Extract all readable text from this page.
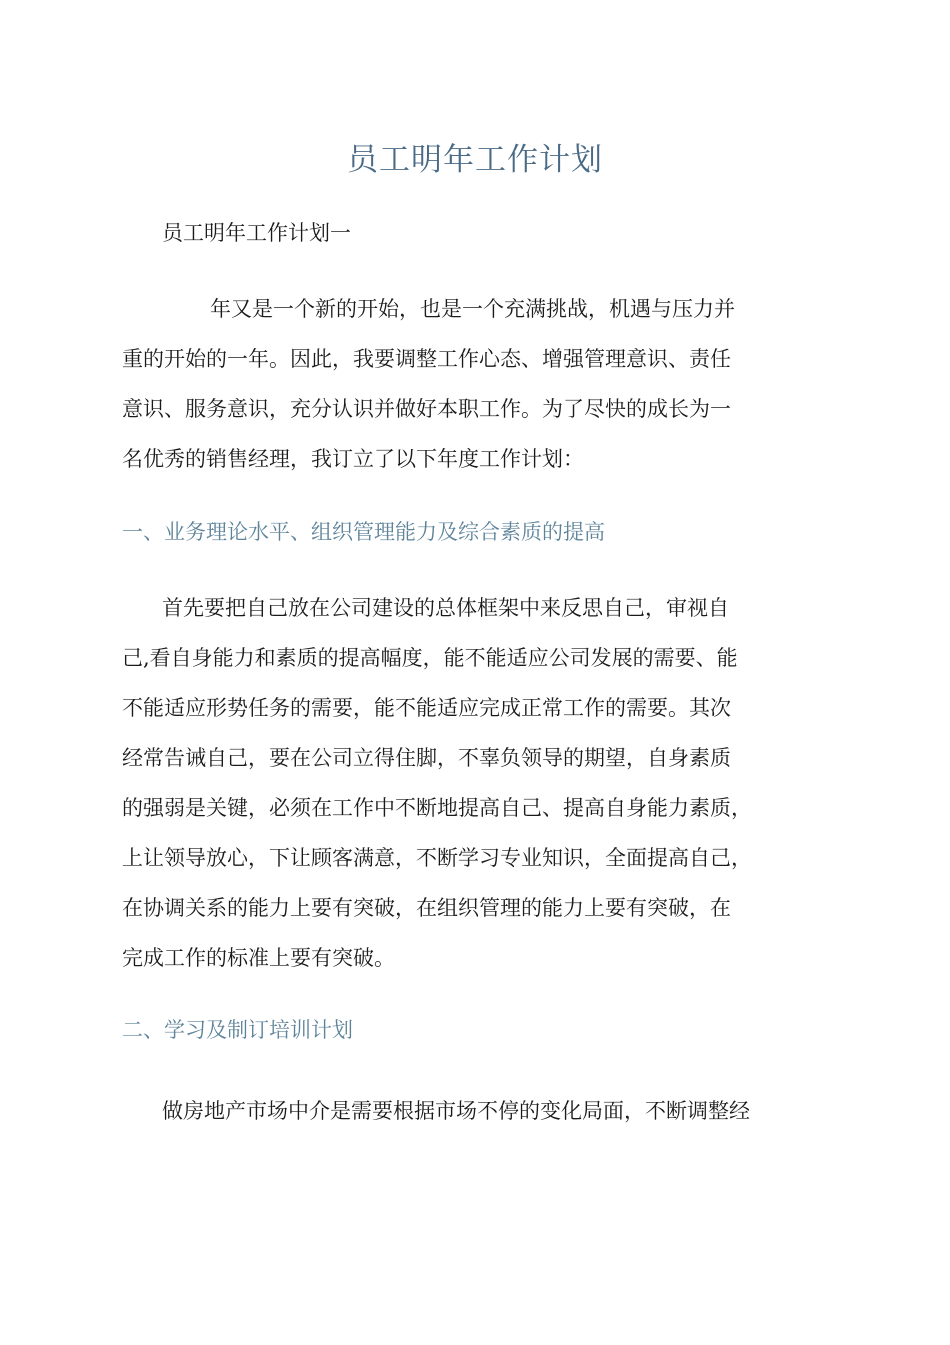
员工明年工作计划
员工明年工作计划一

年又是一个新的开始，也是一个充满挑战，机遇与压力并
重的开始的一年。因此，我要调整工作心态、增强管理意识、责任
意识、服务意识，充分认识并做好本职工作。为了尽快的成长为一
名优秀的销售经理，我订立了以下年度工作计划：

一、业务理论水平、组织管理能力及综合素质的提高

首先要把自己放在公司建设的总体框架中来反思自己，审视自
己,看自身能力和素质的提高幅度，能不能适应公司发展的需要、能
不能适应形势任务的需要，能不能适应完成正常工作的需要。其次
经常告诫自己，要在公司立得住脚，不辜负领导的期望，自身素质
的强弱是关键，必须在工作中不断地提高自己、提高自身能力素质，
上让领导放心，下让顾客满意，不断学习专业知识，全面提高自己，
在协调关系的能力上要有突破，在组织管理的能力上要有突破，在
完成工作的标准上要有突破。

二、学习及制订培训计划

做房地产市场中介是需要根据市场不停的变化局面，不断调整经
